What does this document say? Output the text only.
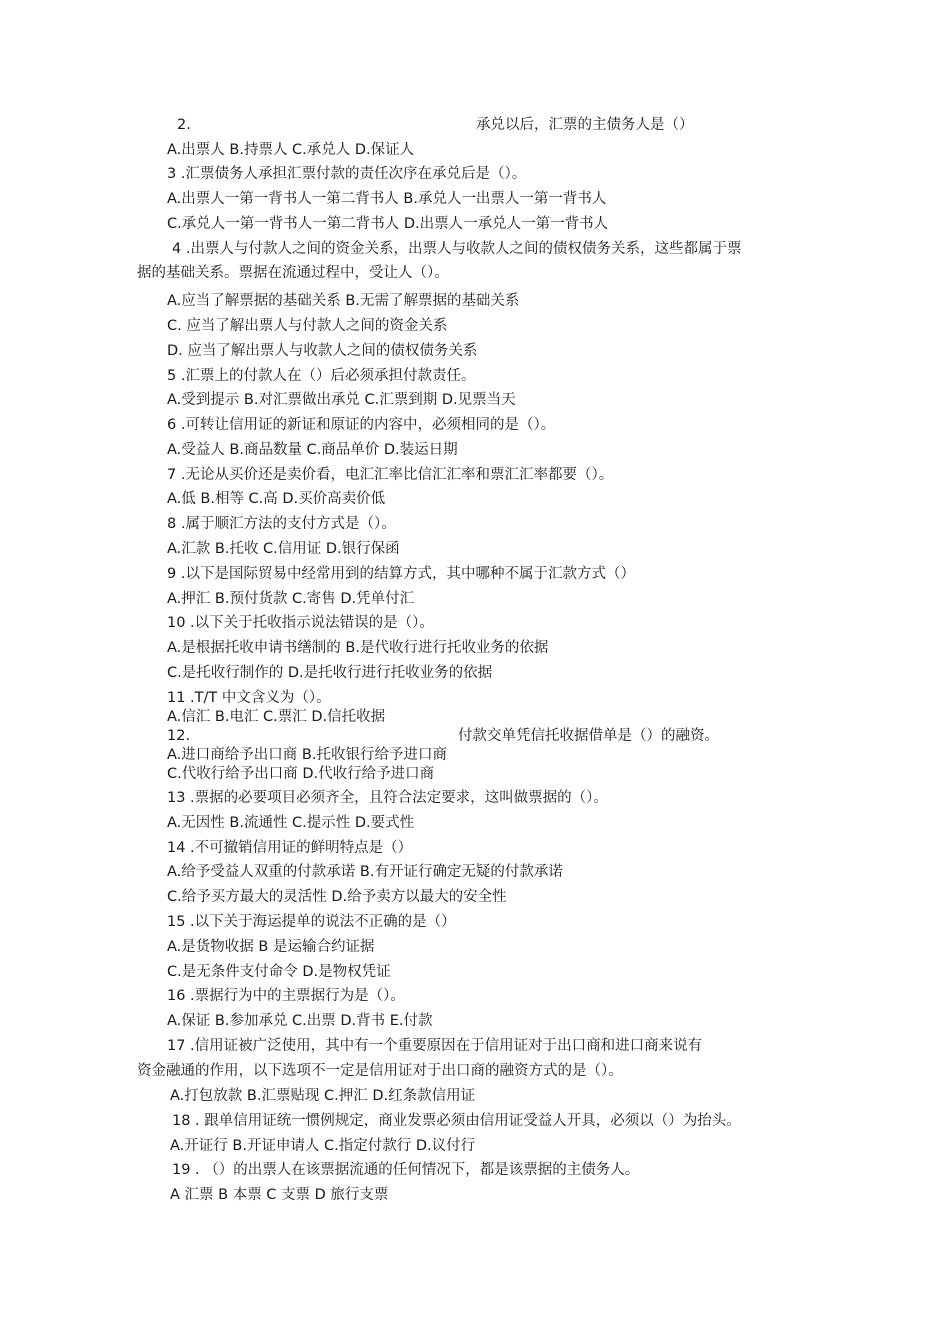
2.	承兑以后，汇票的主债务人是（）
A.出票人 B.持票人 C.承兑人 D.保证人
3 .汇票债务人承担汇票付款的责任次序在承兑后是（）。
A.出票人一第一背书人一第二背书人 B.承兑人一出票人一第一背书人
C.承兑人一第一背书人一第二背书人 D.出票人一承兑人一第一背书人
4 .出票人与付款人之间的资金关系，出票人与收款人之间的债权债务关系，这些都属于票
据的基础关系。票据在流通过程中，受让人（）。
A.应当了解票据的基础关系 B.无需了解票据的基础关系
C. 应当了解出票人与付款人之间的资金关系
D. 应当了解出票人与收款人之间的债权债务关系
5 .汇票上的付款人在（）后必须承担付款责任。
A.受到提示 B.对汇票做出承兑 C.汇票到期 D.见票当天
6 .可转让信用证的新证和原证的内容中，必须相同的是（）。
A.受益人 B.商品数量 C.商品单价 D.装运日期
7 .无论从买价还是卖价看，电汇汇率比信汇汇率和票汇汇率都要（）。
A.低 B.相等 C.高 D.买价高卖价低
8 .属于顺汇方法的支付方式是（）。
A.汇款 B.托收 C.信用证 D.银行保函
9 .以下是国际贸易中经常用到的结算方式，其中哪种不属于汇款方式（）
A.押汇 B.预付货款 C.寄售 D.凭单付汇
10 .以下关于托收指示说法错误的是（）。
A.是根据托收申请书缮制的 B.是代收行进行托收业务的依据
C.是托收行制作的 D.是托收行进行托收业务的依据
11 .T/T 中文含义为（）。
A.信汇 B.电汇 C.票汇 D.信托收据
12.	付款交单凭信托收据借单是（）的融资。
A.进口商给予出口商 B.托收银行给予进口商
C.代收行给予出口商 D.代收行给予进口商
13 .票据的必要项目必须齐全，且符合法定要求，这叫做票据的（）。
A.无因性 B.流通性 C.提示性 D.要式性
14 .不可撤销信用证的鲜明特点是（）
A.给予受益人双重的付款承诺 B.有开证行确定无疑的付款承诺
C.给予买方最大的灵活性 D.给予卖方以最大的安全性
15 .以下关于海运提单的说法不正确的是（）
A.是货物收据 B 是运输合约证据
C.是无条件支付命令 D.是物权凭证
16 .票据行为中的主票据行为是（）。
A.保证 B.参加承兑 C.出票 D.背书 E.付款
17 .信用证被广泛使用，其中有一个重要原因在于信用证对于出口商和进口商来说有
资金融通的作用，以下选项不一定是信用证对于出口商的融资方式的是（）。
A.打包放款 B.汇票贴现 C.押汇 D.红条款信用证
18 . 跟单信用证统一惯例规定，商业发票必须由信用证受益人开具，必须以（）为抬头。
A.开证行 B.开证申请人 C.指定付款行 D.议付行
19 . （）的出票人在该票据流通的任何情况下，都是该票据的主债务人。
A 汇票 B 本票 C 支票 D 旅行支票
